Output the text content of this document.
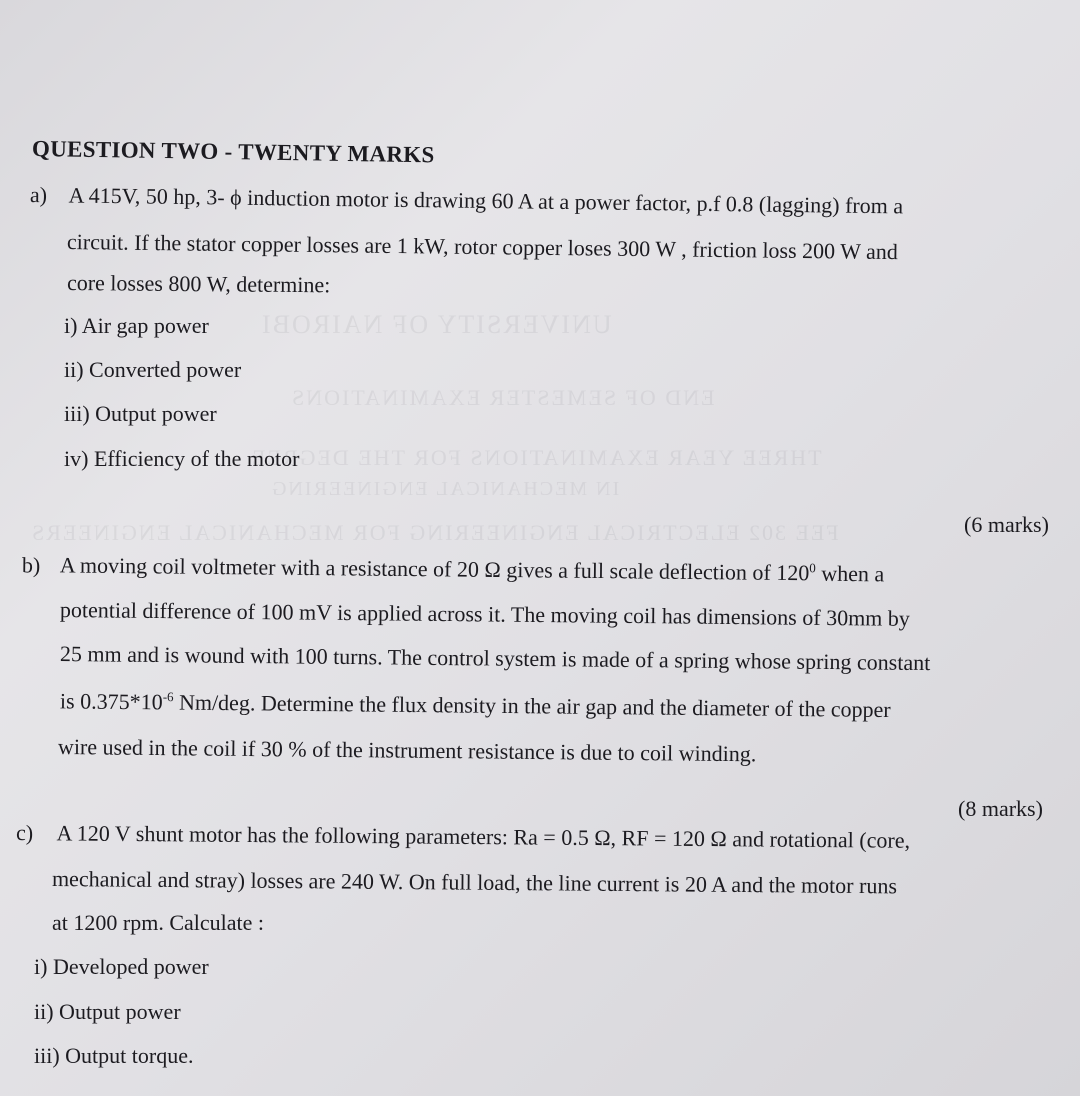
UNIVERSITY OF NAIROBI
END OF SEMESTER EXAMINATIONS
THREE YEAR EXAMINATIONS FOR THE DEGREE
IN MECHANICAL ENGINEERING
FEE 302 ELECTRICAL ENGINEERING FOR MECHANICAL ENGINEERS
QUESTION TWO - TWENTY MARKS
a) A 415V, 50 hp, 3- ϕ induction motor is drawing 60 A at a power factor, p.f 0.8 (lagging) from a
circuit. If the stator copper losses are 1 kW, rotor copper loses 300 W , friction loss 200 W and
core losses 800 W, determine:
i) Air gap power
ii) Converted power
iii) Output power
iv) Efficiency of the motor
(6 marks)
b) A moving coil voltmeter with a resistance of 20 Ω gives a full scale deflection of $120^0$ when a
potential difference of 100 mV is applied across it. The moving coil has dimensions of 30mm by
25 mm and is wound with 100 turns. The control system is made of a spring whose spring constant
is $0.375*10^{-6}$ Nm/deg. Determine the flux density in the air gap and the diameter of the copper
wire used in the coil if 30 % of the instrument resistance is due to coil winding.
(8 marks)
c) A 120 V shunt motor has the following parameters: Ra = 0.5 Ω, RF = 120 Ω and rotational (core,
mechanical and stray) losses are 240 W. On full load, the line current is 20 A and the motor runs
at 1200 rpm. Calculate :
i) Developed power
ii) Output power
iii) Output torque.
